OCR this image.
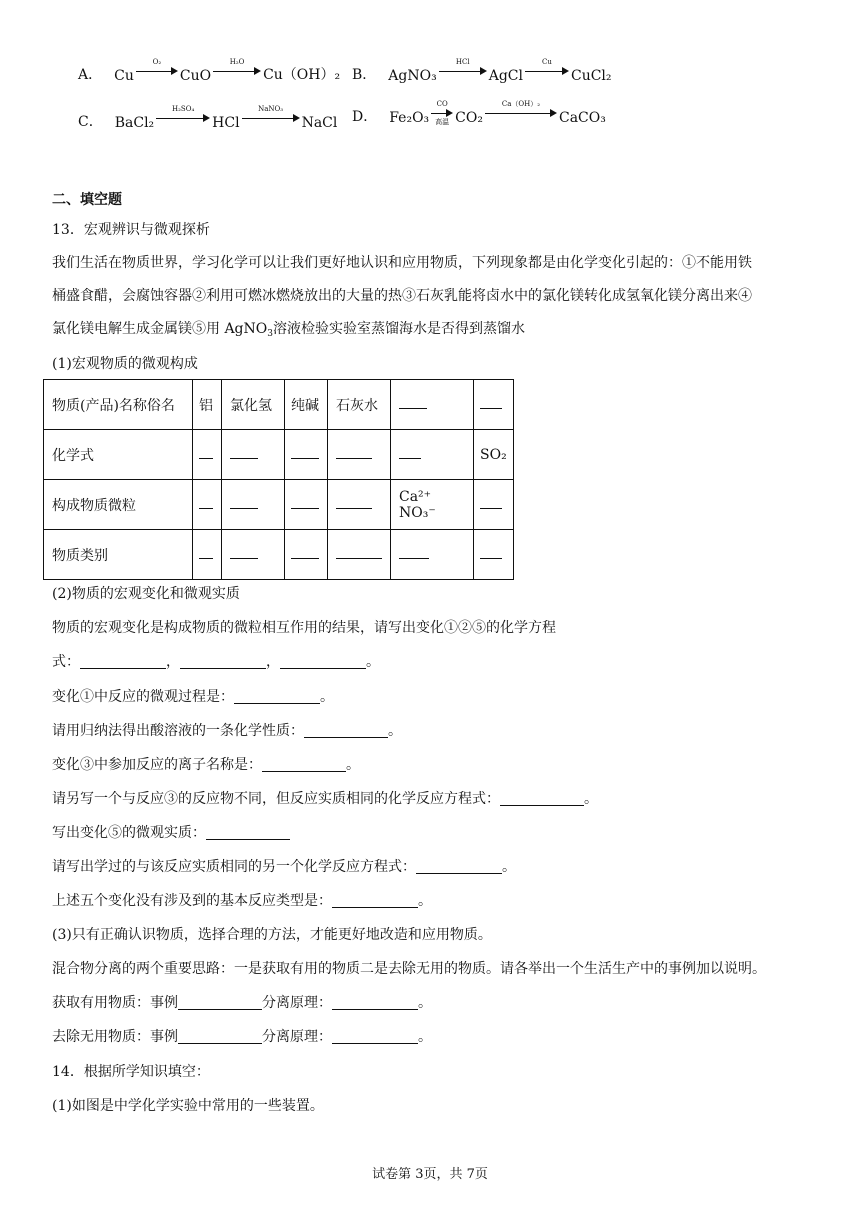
A． Cu
O₂
CuO
H₂O
Cu（OH）₂ B． AgNO₃
HCl
AgCl
Cu
CuCl₂
C． BaCl₂
H₂SO₄
HCl
NaNO₃
NaCl D． Fe₂O₃
CO
高温 CO₂
Ca（OH）₂
CaCO₃
二、填空题
13．宏观辨识与微观探析
我们生活在物质世界，学习化学可以让我们更好地认识和应用物质，下列现象都是由化学变化引起的：①不能用铁
桶盛食醋，会腐蚀容器②利用可燃冰燃烧放出的大量的热③石灰乳能将卤水中的氯化镁转化成氢氧化镁分离出来④
氯化镁电解生成金属镁⑤用 AgNO$_3$溶液检验实验室蒸馏海水是否得到蒸馏水
(1)宏观物质的微观构成
物质(产品)名称俗名	铝	氯化氢	纯碱	石灰水		
化学式						SO₂
构成物质微粒					Ca²⁺ NO₃⁻	
物质类别						
(2)物质的宏观变化和微观实质
物质的宏观变化是构成物质的微粒相互作用的结果，请写出变化①②⑤的化学方程
式：	，	，	。
变化①中反应的微观过程是：	。
请用归纳法得出酸溶液的一条化学性质：	。
变化③中参加反应的离子名称是：	。
请另写一个与反应③的反应物不同，但反应实质相同的化学反应方程式：	。
写出变化⑤的微观实质：
请写出学过的与该反应实质相同的另一个化学反应方程式：	。
上述五个变化没有涉及到的基本反应类型是：	。
(3)只有正确认识物质，选择合理的方法，才能更好地改造和应用物质。
混合物分离的两个重要思路：一是获取有用的物质二是去除无用的物质。请各举出一个生活生产中的事例加以说明。
获取有用物质：事例	分离原理：	。
去除无用物质：事例	分离原理：	。
14．根据所学知识填空：
(1)如图是中学化学实验中常用的一些装置。
试卷第 3页，共 7页
